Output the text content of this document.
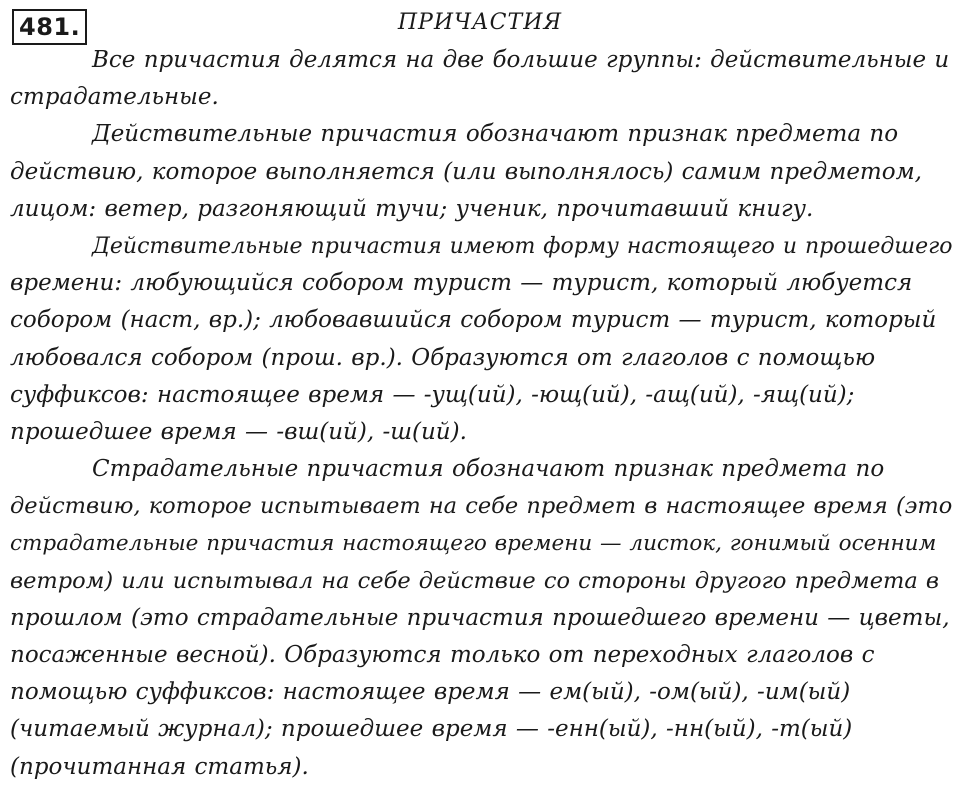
481.	ПРИЧАСТИЯ
Все причастия делятся на две большие группы: действительные и
страдательные.
Действительные причастия обозначают признак предмета по
действию, которое выполняется (или выполнялось) самим предметом,
лицом: ветер, разгоняющий тучи; ученик, прочитавший книгу.
Действительные причастия имеют форму настоящего и прошедшего
времени: любующийся собором турист — турист, который любуется
собором (наст, вр.); любовавшийся собором турист — турист, который
любовался собором (прош. вр.). Образуются от глаголов с помощью
суффиксов: настоящее время — -ущ(ий), -ющ(ий), -ащ(ий), -ящ(ий);
прошедшее время — -вш(ий), -ш(ий).
Страдательные причастия обозначают признак предмета по
действию, которое испытывает на себе предмет в настоящее время (это
страдательные причастия настоящего времени — листок, гонимый осенним
ветром) или испытывал на себе действие со стороны другого предмета в
прошлом (это страдательные причастия прошедшего времени — цветы,
посаженные весной). Образуются только от переходных глаголов с
помощью суффиксов: настоящее время — ем(ый), -ом(ый), -им(ый)
(читаемый журнал); прошедшее время — -енн(ый), -нн(ый), -т(ый)
(прочитанная статья).
